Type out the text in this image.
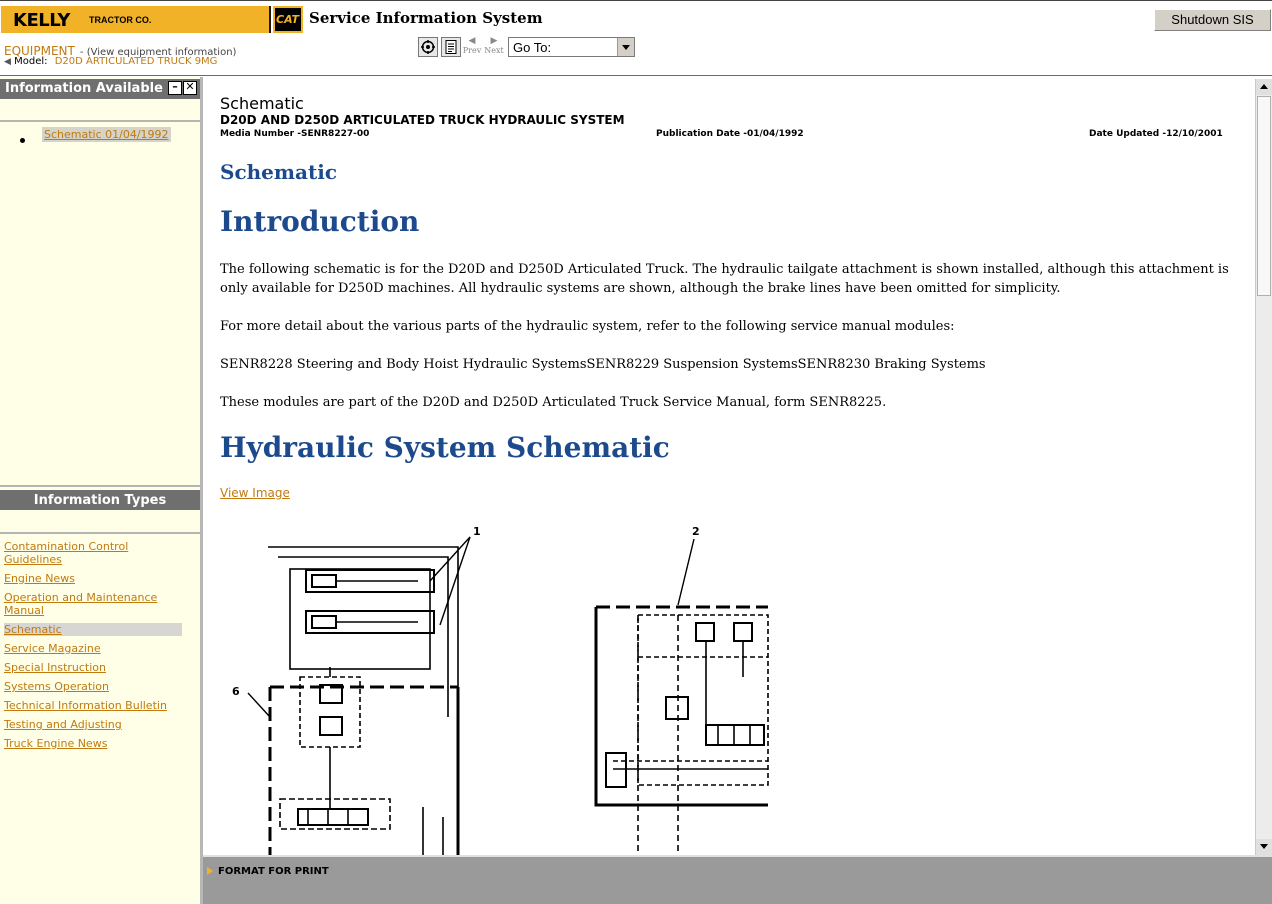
KELLY TRACTOR CO.	CAT Service Information System	Shutdown SIS
EQUIPMENT - (View equipment information)
◀ Model: D20D ARTICULATED TRUCK 9MG
◀
Prev
▶
Next Go To:
Information Available – ✕
Schematic 01/04/1992
Information Types
Contamination Control Guidelines
Engine News
Operation and Maintenance Manual
Schematic
Service Magazine
Special Instruction
Systems Operation
Technical Information Bulletin
Testing and Adjusting
Truck Engine News
Schematic
D20D AND D250D ARTICULATED TRUCK HYDRAULIC SYSTEM
Media Number -SENR8227-00	Publication Date -01/04/1992	Date Updated -12/10/2001
Schematic
Introduction
The following schematic is for the D20D and D250D Articulated Truck. The hydraulic tailgate attachment is shown installed, although this attachment is only available for D250D machines. All hydraulic systems are shown, although the brake lines have been omitted for simplicity.
For more detail about the various parts of the hydraulic system, refer to the following service manual modules:
SENR8228 Steering and Body Hoist Hydraulic SystemsSENR8229 Suspension SystemsSENR8230 Braking Systems
These modules are part of the D20D and D250D Articulated Truck Service Manual, form SENR8225.
Hydraulic System Schematic
View Image
1	2
6
FORMAT FOR PRINT
